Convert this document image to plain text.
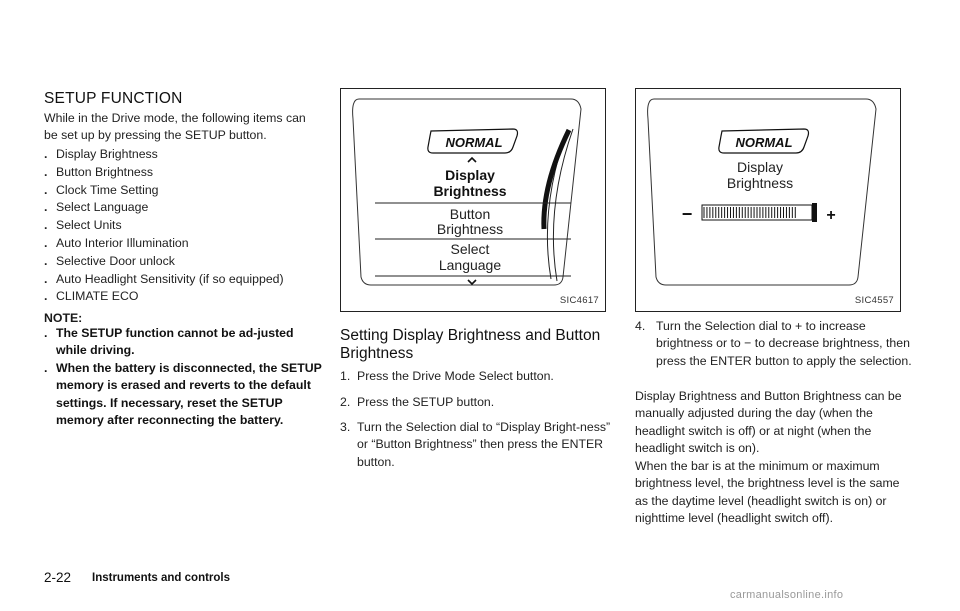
SETUP FUNCTION
While in the Drive mode, the following items can
be set up by pressing the SETUP button.
. Display Brightness
. Button Brightness
. Clock Time Setting
. Select Language
. Select Units
. Auto Interior Illumination
. Selective Door unlock
. Auto Headlight Sensitivity (if so equipped)
. CLIMATE ECO
NOTE:
. The SETUP function cannot be ad-justed while driving.
. When the battery is disconnected, the SETUP memory is erased and reverts to the default settings. If necessary, reset the SETUP memory after reconnecting the battery.
NORMAL
Display
Brightness
Button
Brightness
Select
Language
SIC4617
Setting Display Brightness and Button Brightness
1. Press the Drive Mode Select button.
2. Press the SETUP button.
3. Turn the Selection dial to “Display Bright-ness” or “Button Brightness” then press the ENTER button.
NORMAL
Display
Brightness
−	+
SIC4557
4. Turn the Selection dial to + to increase brightness or to − to decrease brightness, then press the ENTER button to apply the selection.
Display Brightness and Button Brightness can be manually adjusted during the day (when the headlight switch is off) or at night (when the headlight switch is on).
When the bar is at the minimum or maximum brightness level, the brightness level is the same as the daytime level (headlight switch is on) or nighttime level (headlight switch off).
2-22 Instruments and controls
carmanualsonline.info
